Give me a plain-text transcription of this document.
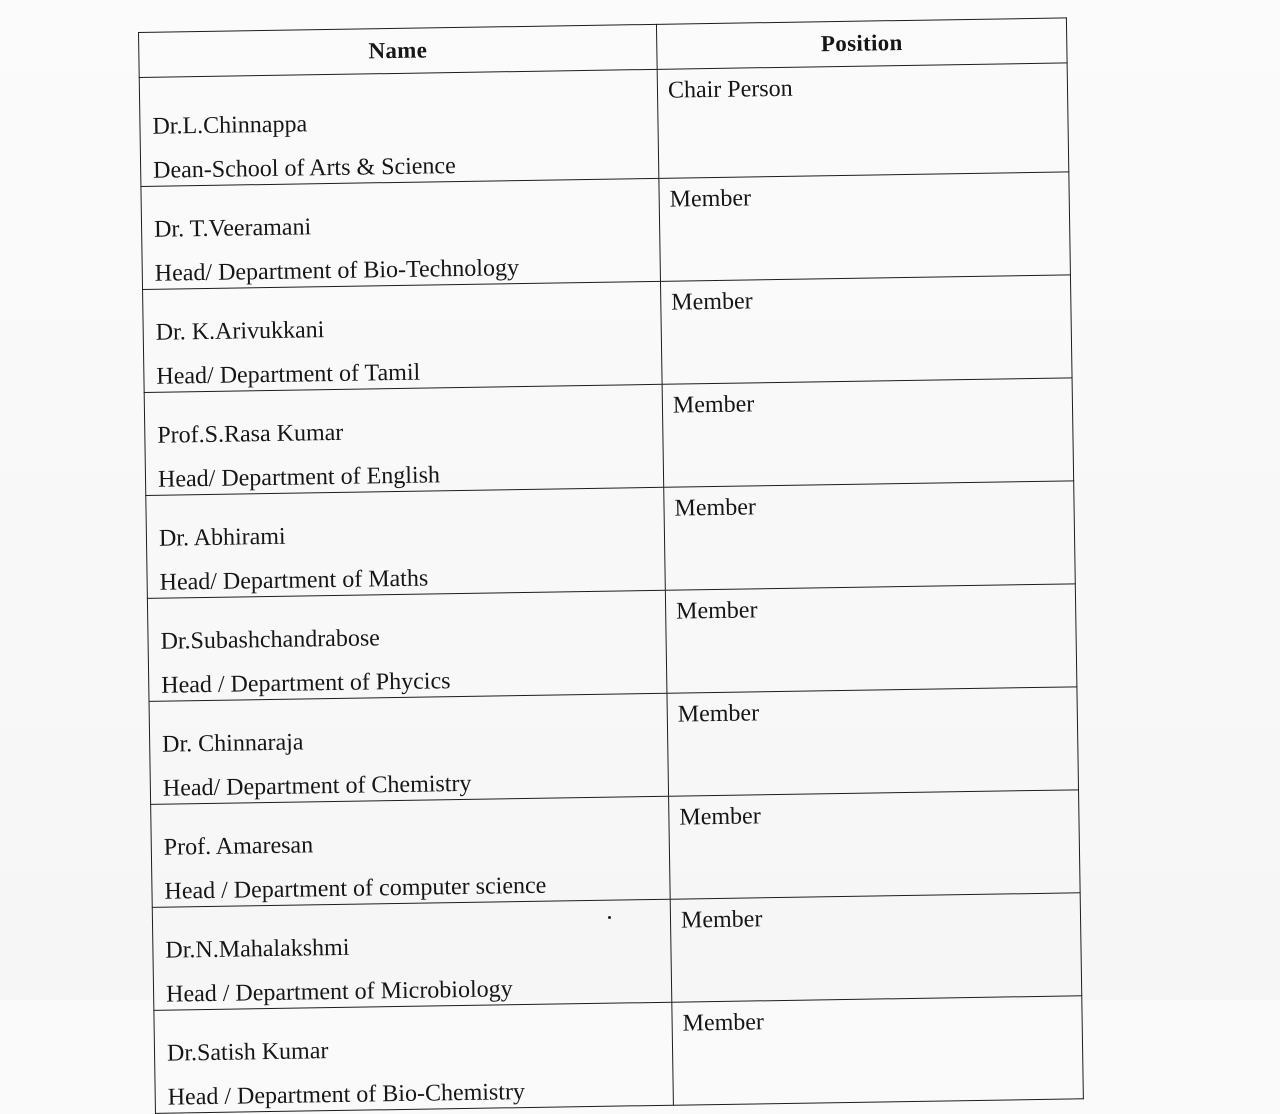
Name	Position

Dr.L.Chinnappa
Dean-School of Arts & Science	Chair Person

Dr. T.Veeramani
Head/ Department of Bio-Technology	Member

Dr. K.Arivukkani
Head/ Department of Tamil	Member

Prof.S.Rasa Kumar
Head/ Department of English	Member

Dr. Abhirami
Head/ Department of Maths	Member

Dr.Subashchandrabose
Head / Department of Phycics	Member

Dr. Chinnaraja
Head/ Department of Chemistry	Member

Prof. Amaresan
Head / Department of computer science	Member

Dr.N.Mahalakshmi
Head / Department of Microbiology	Member

Dr.Satish Kumar
Head / Department of Bio-Chemistry	Member
